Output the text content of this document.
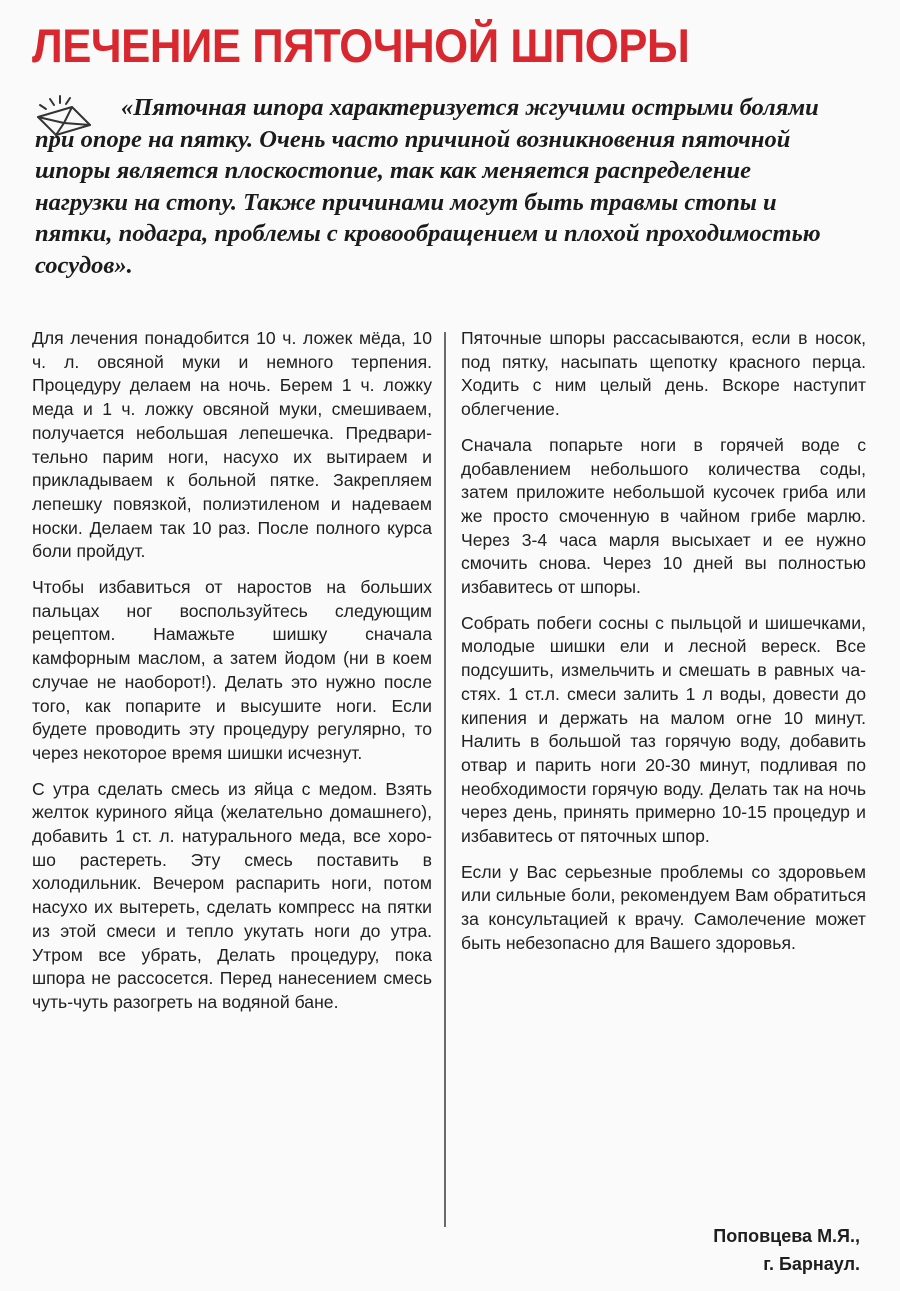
ЛЕЧЕНИЕ ПЯТОЧНОЙ ШПОРЫ
«Пяточная шпора характеризуется жгучими острыми болями при опоре на пятку. Очень часто причиной возникновения пяточной шпоры является плоскостопие, так как меняется распределение нагрузки на стопу. Также причинами могут быть травмы стопы и пятки, подагра, проблемы с кровообращением и плохой проходимостью сосудов».

Для лечения понадобится 10 ч. ложек мёда, 10 ч. л. овсяной муки и немного терпения. Процедуру делаем на ночь. Берем 1 ч. ложку меда и 1 ч. ложку овсяной муки, смешиваем, получается небольшая лепешечка. Предварительно парим ноги, насухо их вытираем и прикладываем к больной пятке. Закрепляем лепешку повязкой, полиэтиленом и надеваем носки. Делаем так 10 раз. После полного курса боли пройдут.

Чтобы избавиться от наростов на больших пальцах ног воспользуйтесь следующим рецептом. Намажьте шишку сначала камфорным маслом, а затем йодом (ни в коем случае не наоборот!). Делать это нужно после того, как попарите и высушите ноги. Если будете проводить эту процедуру регулярно, то через некоторое время шишки исчезнут.

С утра сделать смесь из яйца с медом. Взять желток куриного яйца (желательно домашнего), добавить 1 ст. л. натурального меда, все хорошо растереть. Эту смесь поставить в холодильник. Вечером распарить ноги, потом насухо их вытереть, сделать компресс на пятки из этой смеси и тепло укутать ноги до утра. Утром все убрать, Делать процедуру, пока шпора не рассосется. Перед нанесением смесь чуть-чуть разогреть на водяной бане.

Пяточные шпоры рассасываются, если в носок, под пятку, насыпать щепотку красного перца. Ходить с ним целый день. Вскоре наступит облегчение.

Сначала попарьте ноги в горячей воде с добавлением небольшого количества соды, затем приложите небольшой кусочек гриба или же просто смоченную в чайном грибе марлю. Через 3-4 часа марля высыхает и ее нужно смочить снова. Через 10 дней вы полностью избавитесь от шпоры.

Собрать побеги сосны с пыльцой и шишечками, молодые шишки ели и лесной вереск. Все подсушить, измельчить и смешать в равных частях. 1 ст.л. смеси залить 1 л воды, довести до кипения и держать на малом огне 10 минут. Налить в большой таз горячую воду, добавить отвар и парить ноги 20-30 минут, подливая по необходимости горячую воду. Делать так на ночь через день, принять примерно 10-15 процедур и избавитесь от пяточных шпор.

Если у Вас серьезные проблемы со здоровьем или сильные боли, рекомендуем Вам обратиться за консультацией к врачу. Самолечение может быть небезопасно для Вашего здоровья.

Поповцева М.Я.,
г. Барнаул.
